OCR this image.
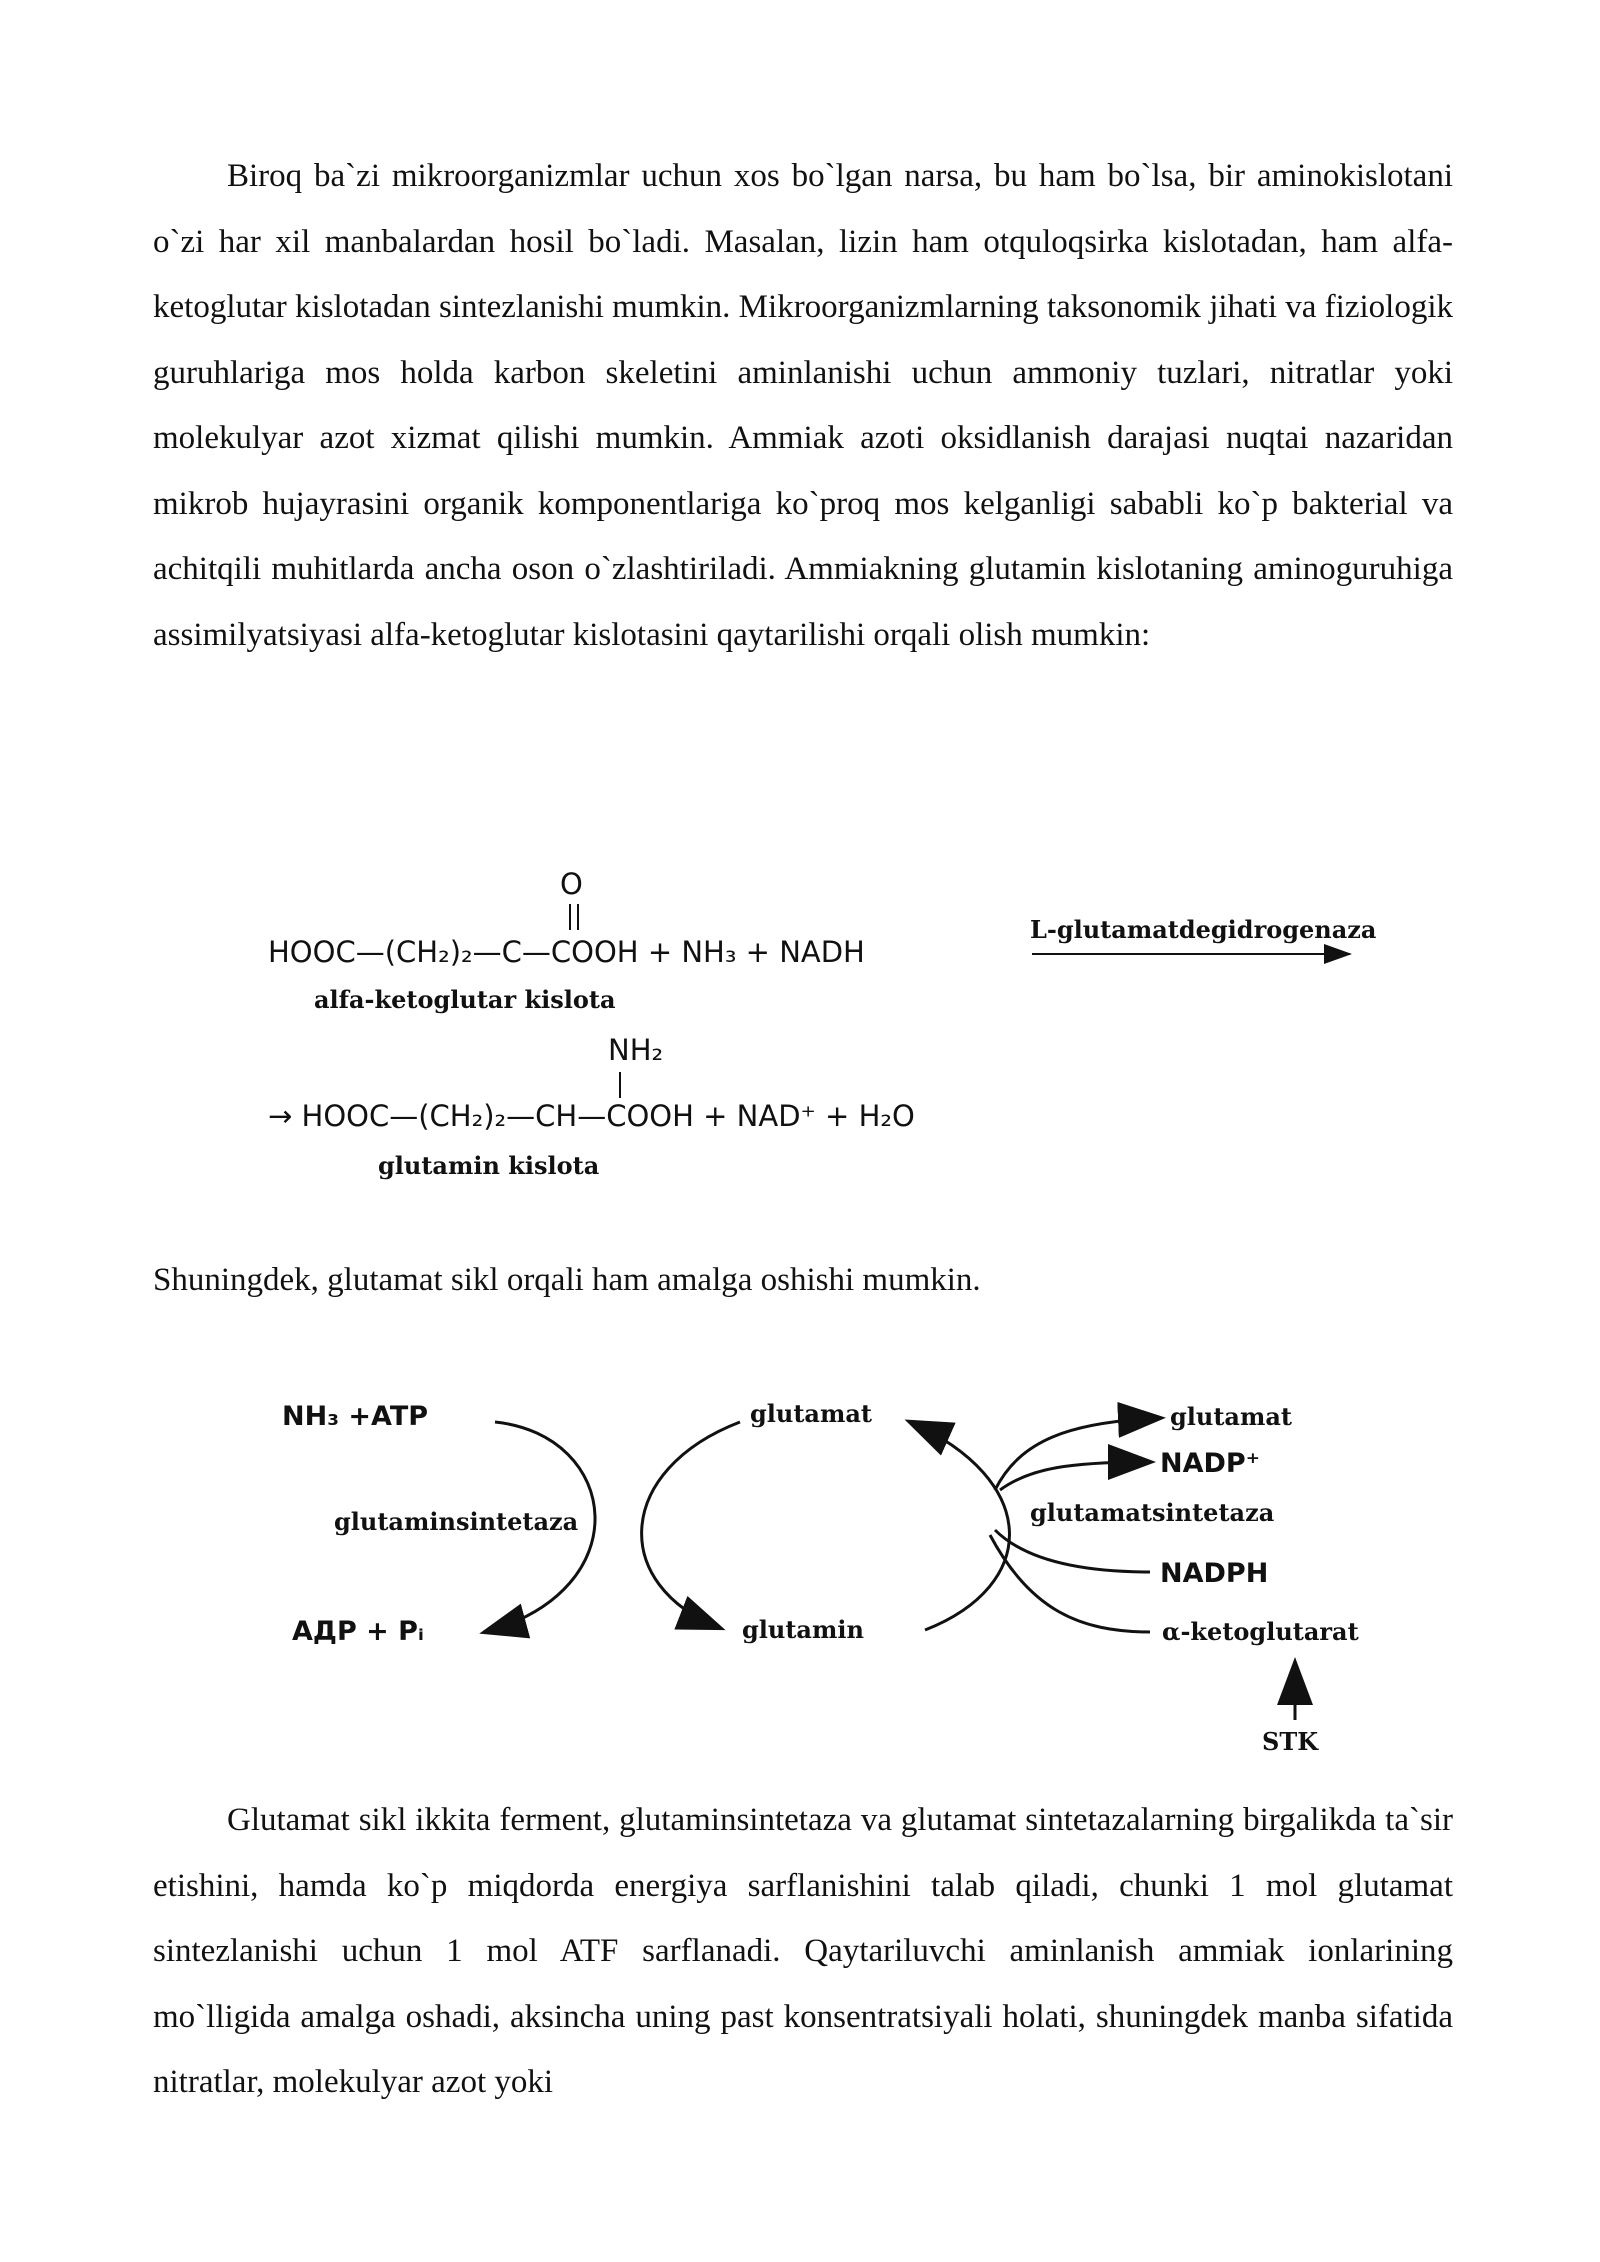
Biroq ba`zi mikroorganizmlar uchun xos bo`lgan narsa, bu ham bo`lsa, bir aminokislotani o`zi har xil manbalardan hosil bo`ladi. Masalan, lizin ham otquloqsirka kislotadan, ham alfa-ketoglutar kislotadan sintezlanishi mumkin. Mikroorganizmlarning taksonomik jihati va fiziologik guruhlariga mos holda karbon skeletini aminlanishi uchun ammoniy tuzlari, nitratlar yoki molekulyar azot xizmat qilishi mumkin. Ammiak azoti oksidlanish darajasi nuqtai nazaridan mikrob hujayrasini organik komponentlariga ko`proq mos kelganligi sababli ko`p bakterial va achitqili muhitlarda ancha oson o`zlashtiriladi. Ammiakning glutamin kislotaning aminoguruhiga assimilyatsiyasi alfa-ketoglutar kislotasini qaytarilishi orqali olish mumkin:

O
HOOC—(CH₂)₂—C—COOH + NH₃ + NADH
L-glutamatdegidrogenaza
alfa-ketoglutar kislota
NH₂
→ HOOC—(CH₂)₂—CH—COOH + NAD⁺ + H₂O
glutamin kislota

Shuningdek, glutamat sikl orqali ham amalga oshishi mumkin.

NH₃ +ATP
glutaminsintetaza
АДР + Pᵢ
glutamat
glutamin
glutamat
NADP⁺
glutamatsintetaza
NADPH
α-ketoglutarat
STK

Glutamat sikl ikkita ferment, glutaminsintetaza va glutamat sintetazalarning birgalikda ta`sir etishini, hamda ko`p miqdorda energiya sarflanishini talab qiladi, chunki 1 mol glutamat sintezlanishi uchun 1 mol ATF sarflanadi. Qaytariluvchi aminlanish ammiak ionlarining mo`lligida amalga oshadi, aksincha uning past konsentratsiyali holati, shuningdek manba sifatida nitratlar, molekulyar azot yoki
